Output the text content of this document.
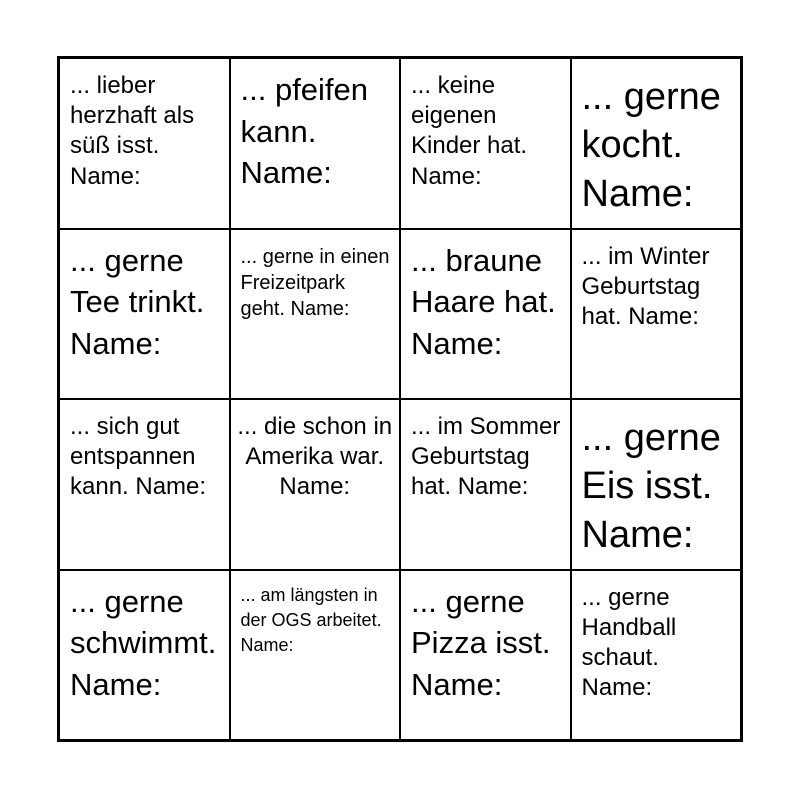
... lieber herzhaft als süß isst. Name:
... pfeifen kann. Name:
... keine eigenen Kinder hat. Name:
... gerne kocht. Name:
... gerne Tee trinkt. Name:
... gerne in einen Freizeitpark geht. Name:
... braune Haare hat. Name:
... im Winter Geburtstag hat. Name:
... sich gut entspannen kann. Name:
... die schon in Amerika war. Name:
... im Sommer Geburtstag hat. Name:
... gerne Eis isst. Name:
... gerne schwimmt. Name:
... am längsten in der OGS arbeitet. Name:
... gerne Pizza isst. Name:
... gerne Handball schaut. Name:
